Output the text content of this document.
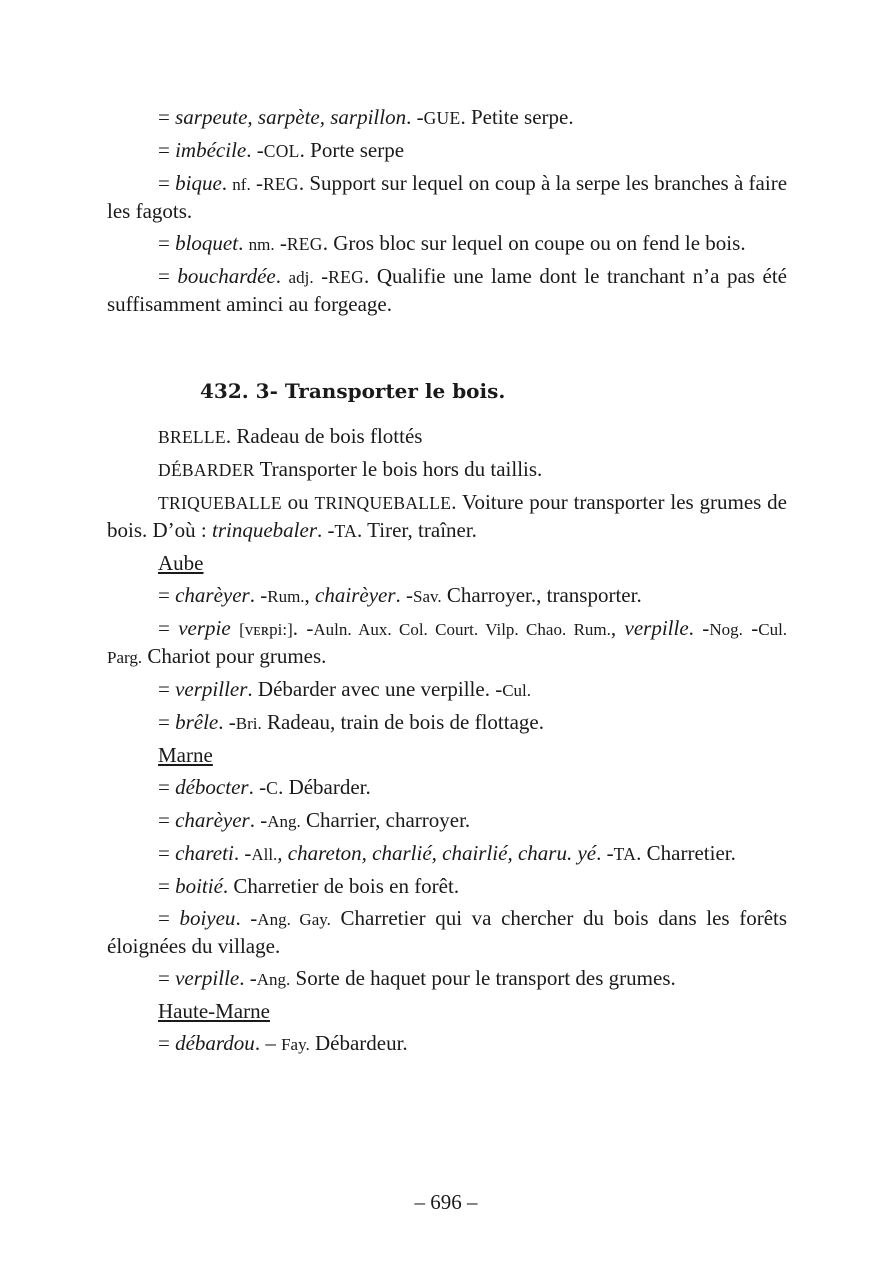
= sarpeute, sarpète, sarpillon. -GUE. Petite serpe.

= imbécile. -COL. Porte serpe

= bique. nf. -REG. Support sur lequel on coup à la serpe les branches à faire les fagots.

= bloquet. nm. -REG. Gros bloc sur lequel on coupe ou on fend le bois.

= bouchardée. adj. -REG. Qualifie une lame dont le tranchant n’a pas été suffisamment aminci au forgeage.

432. 3- Transporter le bois.

BRELLE. Radeau de bois flottés

DÉBARDER Transporter le bois hors du taillis.

TRIQUEBALLE ou TRINQUEBALLE. Voiture pour transporter les grumes de bois. D’où : trinquebaler. -TA. Tirer, traîner.

Aube

= charèyer. -Rum., chairèyer. -Sav. Charroyer., transporter.

= verpie [vᴇʀpi:]. -Auln. Aux. Col. Court. Vilp. Chao. Rum., verpille. -Nog. -Cul. Parg. Chariot pour grumes.

= verpiller. Débarder avec une verpille. -Cul.

= brêle. -Bri. Radeau, train de bois de flottage.

Marne

= débocter. -C. Débarder.

= charèyer. -Ang. Charrier, charroyer.

= chareti. -All., chareton, charlié, chairlié, charu. yé. -TA. Charretier.

= boitié. Charretier de bois en forêt.

= boiyeu. -Ang. Gay. Charretier qui va chercher du bois dans les forêts éloignées du village.

= verpille. -Ang. Sorte de haquet pour le transport des grumes.

Haute-Marne

= débardou. – Fay. Débardeur.

– 696 –
